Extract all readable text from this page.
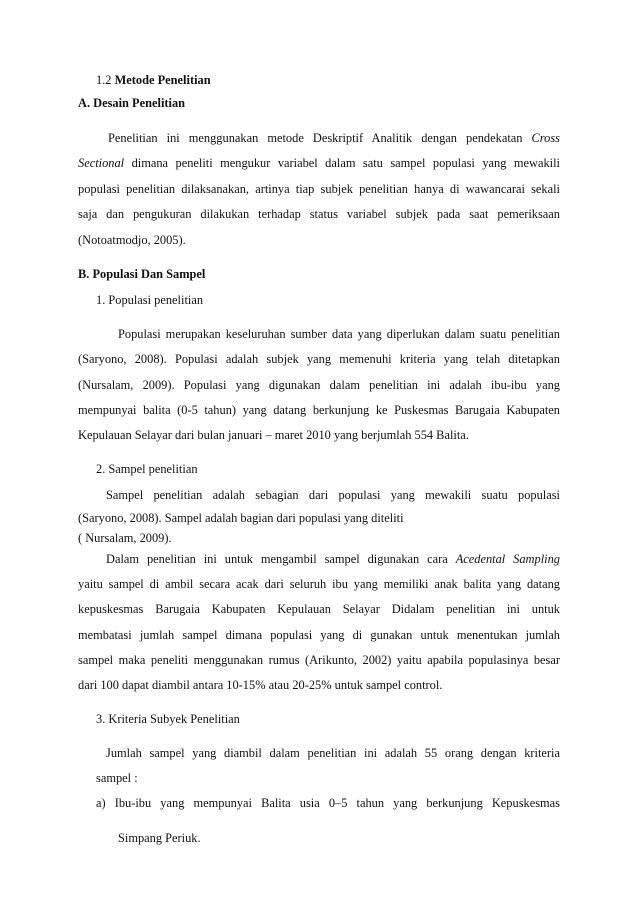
1.2 Metode Penelitian
A. Desain Penelitian
Penelitian ini menggunakan metode Deskriptif Analitik dengan pendekatan Cross
Sectional dimana peneliti mengukur variabel dalam satu sampel populasi yang mewakili
populasi penelitian dilaksanakan, artinya tiap subjek penelitian hanya di wawancarai sekali
saja dan pengukuran dilakukan terhadap status variabel subjek pada saat pemeriksaan
(Notoatmodjo, 2005).
B. Populasi Dan Sampel
1. Populasi penelitian
Populasi merupakan keseluruhan sumber data yang diperlukan dalam suatu penelitian
(Saryono, 2008). Populasi adalah subjek yang memenuhi kriteria yang telah ditetapkan
(Nursalam, 2009). Populasi yang digunakan dalam penelitian ini adalah ibu-ibu yang
mempunyai balita (0-5 tahun) yang datang berkunjung ke Puskesmas Barugaia Kabupaten
Kepulauan Selayar dari bulan januari – maret 2010 yang berjumlah 554 Balita.
2. Sampel penelitian
Sampel penelitian adalah sebagian dari populasi yang mewakili suatu populasi
(Saryono, 2008). Sampel adalah bagian dari populasi yang diteliti
( Nursalam, 2009).
Dalam penelitian ini untuk mengambil sampel digunakan cara Acedental Sampling
yaitu sampel di ambil secara acak dari seluruh ibu yang memiliki anak balita yang datang
kepuskesmas Barugaia Kabupaten Kepulauan Selayar Didalam penelitian ini untuk
membatasi jumlah sampel dimana populasi yang di gunakan untuk menentukan jumlah
sampel maka peneliti menggunakan rumus (Arikunto, 2002) yaitu apabila populasinya besar
dari 100 dapat diambil antara 10-15% atau 20-25% untuk sampel control.
3. Kriteria Subyek Penelitian
Jumlah sampel yang diambil dalam penelitian ini adalah 55 orang dengan kriteria
sampel :
a) Ibu-ibu yang mempunyai Balita usia 0–5 tahun yang berkunjung Kepuskesmas
Simpang Periuk.
